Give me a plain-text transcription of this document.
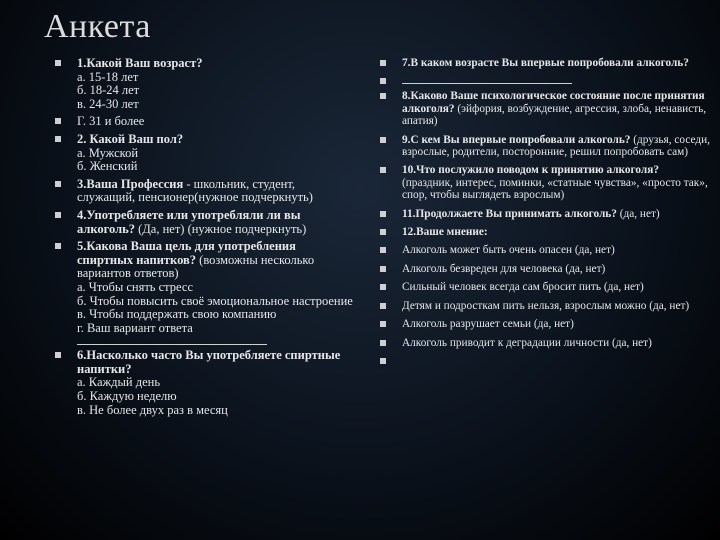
Анкета
1.Какой Ваш возраст?
а. 15-18 лет
б. 18-24 лет
в. 24-30 лет
Г. 31 и более
2. Какой Ваш пол?
а. Мужской
б. Женский
3.Ваша Профессия - школьник, студент, служащий, пенсионер(нужное подчеркнуть)
4.Употребляете или употребляли ли вы алкоголь? (Да, нет) (нужное подчеркнуть)
5.Какова Ваша цель для употребления спиртных напитков? (возможны несколько вариантов ответов)
а. Чтобы снять стресс
б. Чтобы повысить своё эмоциональное настроение
в. Чтобы поддержать свою компанию
г. Ваш вариант ответа
6.Насколько часто Вы употребляете спиртные напитки?
а. Каждый день
б. Каждую неделю
в. Не более двух раз в месяц
7.В каком возрасте Вы впервые попробовали алкоголь?
8.Каково Ваше психологическое состояние после принятия алкоголя? (эйфория, возбуждение, агрессия, злоба, ненависть, апатия)
9.С кем Вы впервые попробовали алкоголь? (друзья, соседи, взрослые, родители, посторонние, решил попробовать сам)
10.Что послужило поводом к принятию алкоголя? (праздник, интерес, поминки, «статные чувства», «просто так», спор, чтобы выглядеть взрослым)
11.Продолжаете Вы принимать алкоголь? (да, нет)
12.Ваше мнение:
Алкоголь может быть очень опасен (да, нет)
Алкоголь безвреден для человека (да, нет)
Сильный человек всегда сам бросит пить (да, нет)
Детям и подросткам пить нельзя, взрослым можно (да, нет)
Алкоголь разрушает семьи (да, нет)
Алкоголь приводит к деградации личности (да, нет)
